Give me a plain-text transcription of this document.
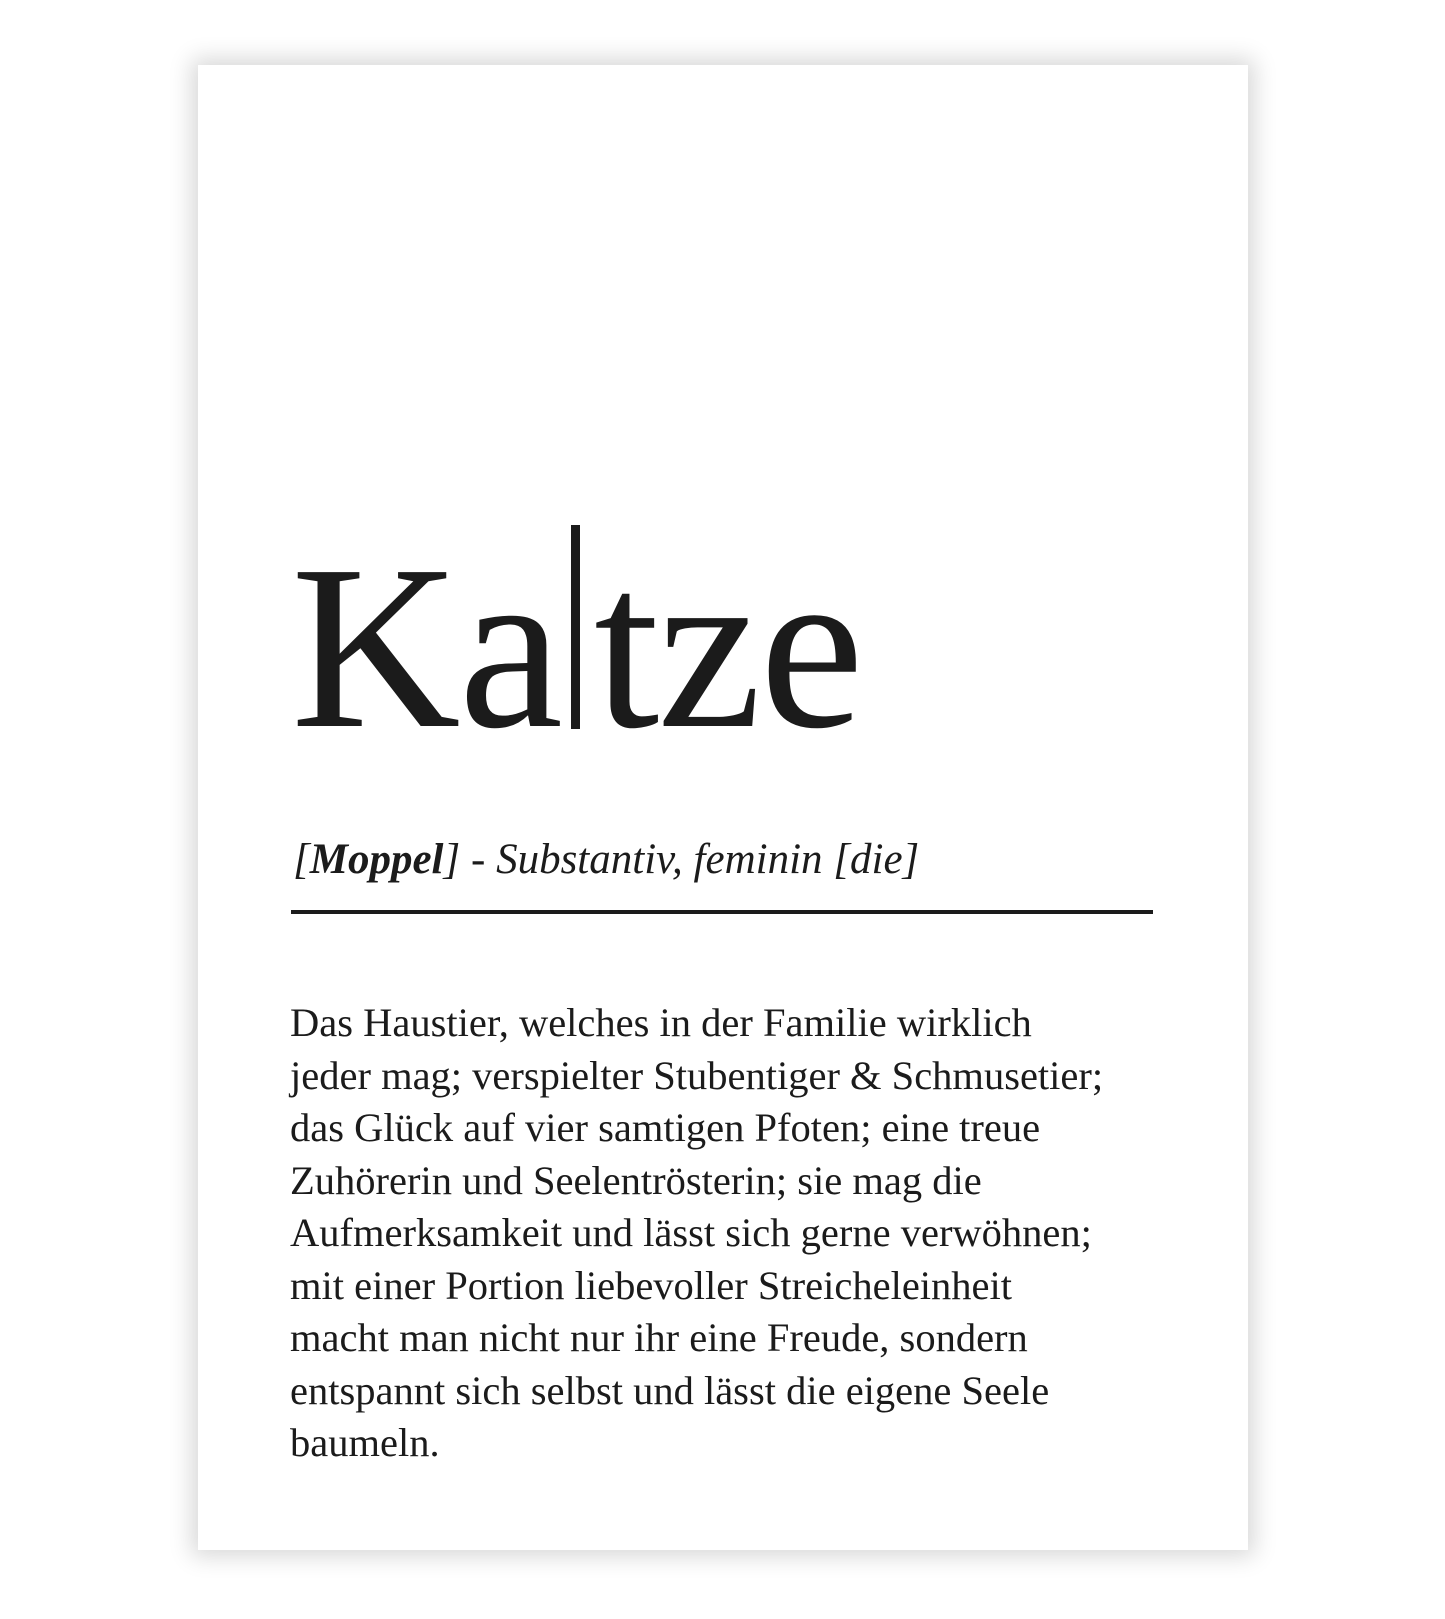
Ka tze
[Moppel] - Substantiv, feminin [die]
Das Haustier, welches in der Familie wirklich
jeder mag; verspielter Stubentiger & Schmusetier;
das Glück auf vier samtigen Pfoten; eine treue
Zuhörerin und Seelentrösterin; sie mag die
Aufmerksamkeit und lässt sich gerne verwöhnen;
mit einer Portion liebevoller Streicheleinheit
macht man nicht nur ihr eine Freude, sondern
entspannt sich selbst und lässt die eigene Seele
baumeln.
